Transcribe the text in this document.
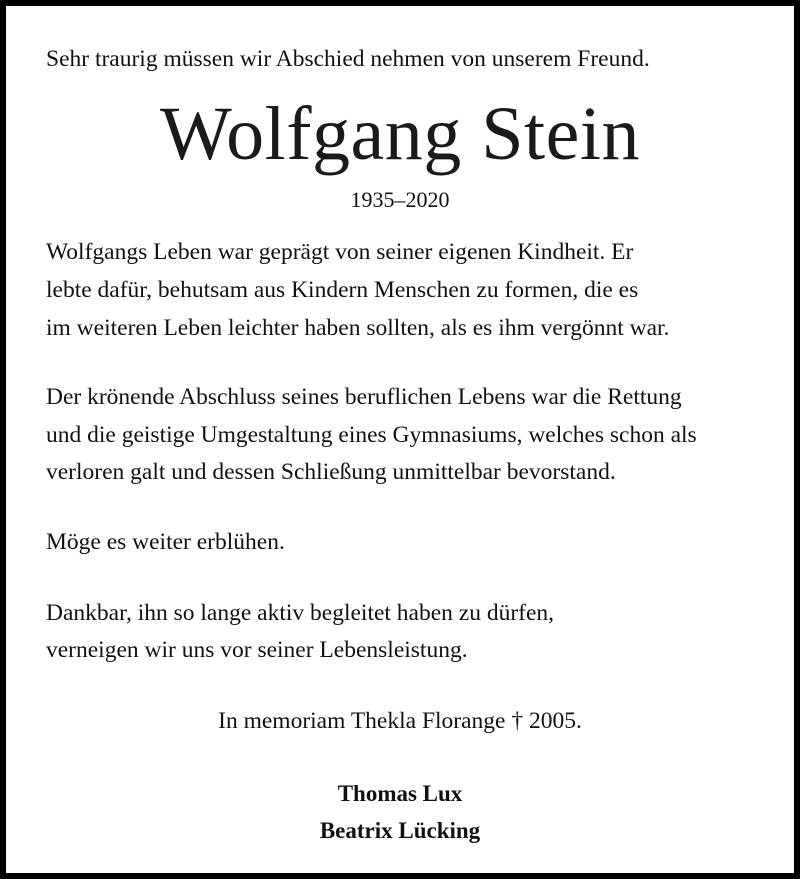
Sehr traurig müssen wir Abschied nehmen von unserem Freund.

Wolfgang Stein

1935–2020

Wolfgangs Leben war geprägt von seiner eigenen Kindheit. Er

lebte dafür, behutsam aus Kindern Menschen zu formen, die es

im weiteren Leben leichter haben sollten, als es ihm vergönnt war.

Der krönende Abschluss seines beruflichen Lebens war die Rettung

und die geistige Umgestaltung eines Gymnasiums, welches schon als

verloren galt und dessen Schließung unmittelbar bevorstand.

Möge es weiter erblühen.

Dankbar, ihn so lange aktiv begleitet haben zu dürfen,

verneigen wir uns vor seiner Lebensleistung.

In memoriam Thekla Florange † 2005.

Thomas Lux

Beatrix Lücking
